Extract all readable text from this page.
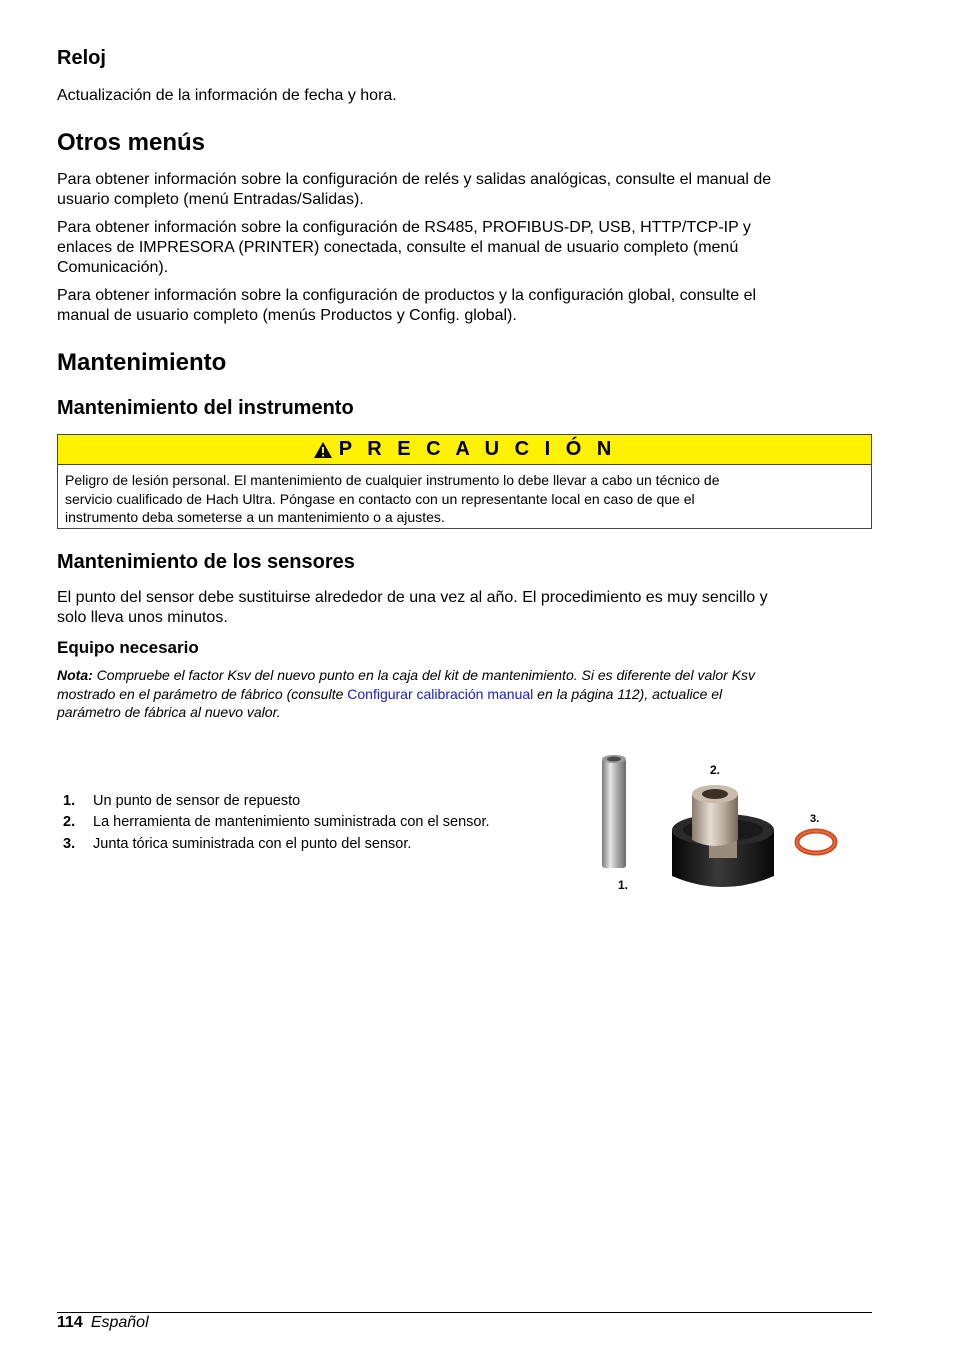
Reloj
Actualización de la información de fecha y hora.
Otros menús
Para obtener información sobre la configuración de relés y salidas analógicas, consulte el manual de
usuario completo (menú Entradas/Salidas).
Para obtener información sobre la configuración de RS485, PROFIBUS-DP, USB, HTTP/TCP-IP y
enlaces de IMPRESORA (PRINTER) conectada, consulte el manual de usuario completo (menú
Comunicación).
Para obtener información sobre la configuración de productos y la configuración global, consulte el
manual de usuario completo (menús Productos y Config. global).
Mantenimiento
Mantenimiento del instrumento
P R E C A U C I Ó N
Peligro de lesión personal. El mantenimiento de cualquier instrumento lo debe llevar a cabo un técnico de
servicio cualificado de Hach Ultra. Póngase en contacto con un representante local en caso de que el
instrumento deba someterse a un mantenimiento o a ajustes.
Mantenimiento de los sensores
El punto del sensor debe sustituirse alrededor de una vez al año. El procedimiento es muy sencillo y
solo lleva unos minutos.
Equipo necesario
Nota: Compruebe el factor Ksv del nuevo punto en la caja del kit de mantenimiento. Si es diferente del valor Ksv
mostrado en el parámetro de fábrico (consulte Configurar calibración manual en la página 112), actualice el
parámetro de fábrica al nuevo valor.
1.	Un punto de sensor de repuesto
2.	La herramienta de mantenimiento suministrada con el sensor.
3.	Junta tórica suministrada con el punto del sensor.
1.
2.
3.
114 Español
